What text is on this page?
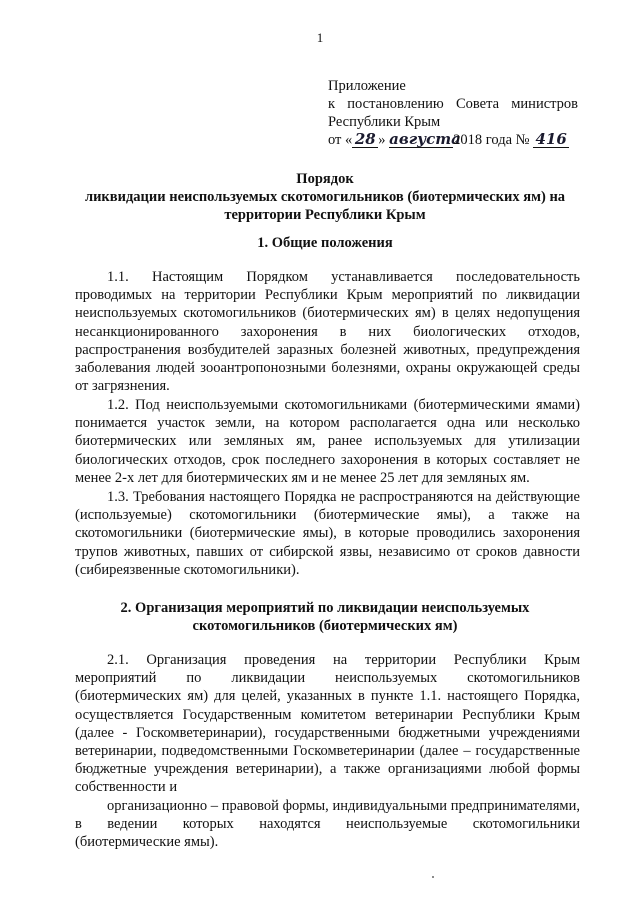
1
Приложение
к постановлению Совета министров
Республики Крым
от « 28 » августа2018 года № 416
Порядок
ликвидации неиспользуемых скотомогильников (биотермических ям) на
территории Республики Крым
1. Общие положения

1.1. Настоящим Порядком устанавливается последовательность проводимых на территории Республики Крым мероприятий по ликвидации неиспользуемых скотомогильников (биотермических ям) в целях недопущения несанкционированного захоронения в них биологических отходов, распространения возбудителей заразных болезней животных, предупреждения заболевания людей зооантропонозными болезнями, охраны окружающей среды от загрязнения.

1.2. Под неиспользуемыми скотомогильниками (биотермическими ямами) понимается участок земли, на котором располагается одна или несколько биотермических или земляных ям, ранее используемых для утилизации биологических отходов, срок последнего захоронения в которых составляет не менее 2-х лет для биотермических ям и не менее 25 лет для земляных ям.

1.3. Требования настоящего Порядка не распространяются на действующие (используемые) скотомогильники (биотермические ямы), а также на скотомогильники (биотермические ямы), в которые проводились захоронения трупов животных, павших от сибирской язвы, независимо от сроков давности (сибиреязвенные скотомогильники).

2. Организация мероприятий по ликвидации неиспользуемых
скотомогильников (биотермических ям)

2.1. Организация проведения на территории Республики Крым мероприятий по ликвидации неиспользуемых скотомогильников (биотермических ям) для целей, указанных в пункте 1.1. настоящего Порядка, осуществляется Государственным комитетом ветеринарии Республики Крым (далее - Госкомветеринарии), государственными бюджетными учреждениями ветеринарии, подведомственными Госкомветеринарии (далее – государственные бюджетные учреждения ветеринарии), а также организациями любой формы собственности и

организационно – правовой формы, индивидуальными предпринимателями, в ведении которых находятся неиспользуемые скотомогильники (биотермические ямы).
